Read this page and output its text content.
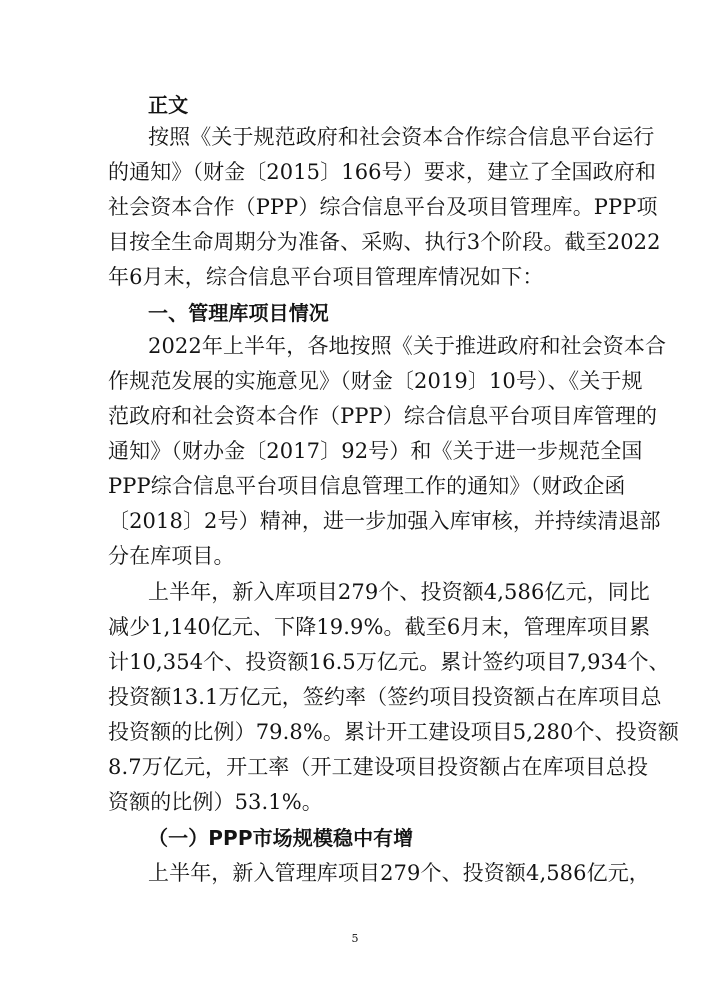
正文
按照《关于规范政府和社会资本合作综合信息平台运行
的通知》（财金〔2015〕166号）要求，建立了全国政府和
社会资本合作（PPP）综合信息平台及项目管理库。PPP项
目按全生命周期分为准备、采购、执行3个阶段。截至2022
年6月末，综合信息平台项目管理库情况如下：
一、管理库项目情况
2022年上半年，各地按照《关于推进政府和社会资本合
作规范发展的实施意见》（财金〔2019〕10号）、《关于规
范政府和社会资本合作（PPP）综合信息平台项目库管理的
通知》（财办金〔2017〕92号）和《关于进一步规范全国
PPP综合信息平台项目信息管理工作的通知》（财政企函
〔2018〕2号）精神，进一步加强入库审核，并持续清退部
分在库项目。
上半年，新入库项目279个、投资额4,586亿元，同比
减少1,140亿元、下降19.9%。截至6月末，管理库项目累
计10,354个、投资额16.5万亿元。累计签约项目7,934个、
投资额13.1万亿元，签约率（签约项目投资额占在库项目总
投资额的比例）79.8%。累计开工建设项目5,280个、投资额
8.7万亿元，开工率（开工建设项目投资额占在库项目总投
资额的比例）53.1%。
（一）PPP市场规模稳中有增
上半年，新入管理库项目279个、投资额4,586亿元，
5
